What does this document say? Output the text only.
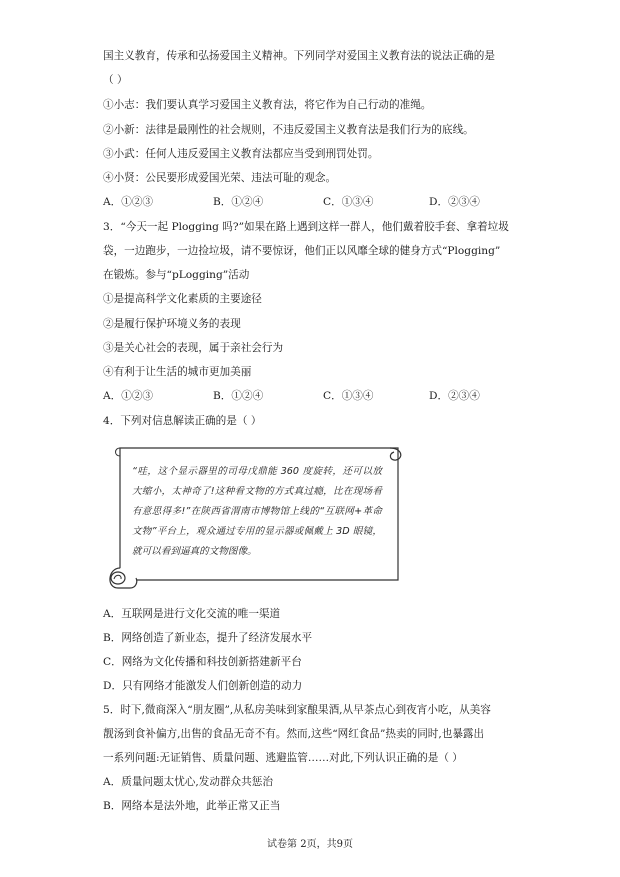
国主义教育，传承和弘扬爱国主义精神。下列同学对爱国主义教育法的说法正确的是
（ ）
①小志：我们要认真学习爱国主义教育法，将它作为自己行动的准绳。
②小新：法律是最刚性的社会规则，不违反爱国主义教育法是我们行为的底线。
③小武：任何人违反爱国主义教育法都应当受到刑罚处罚。
④小贤：公民要形成爱国光荣、违法可耻的观念。
A．①②③	B．①②④	C．①③④	D．②③④
3．“今天一起 Plogging 吗?”如果在路上遇到这样一群人，他们戴着胶手套、拿着垃圾
袋，一边跑步，一边捡垃圾，请不要惊讶，他们正以风靡全球的健身方式“Plogging”
在锻炼。参与“pLogging”活动
①是提高科学文化素质的主要途径
②是履行保护环境义务的表现
③是关心社会的表现，属于亲社会行为
④有利于让生活的城市更加美丽
A．①②③	B．①②④	C．①③④	D．②③④
4．下列对信息解读正确的是（ ）
“哇，这个显示器里的司母戊鼎能 360 度旋转，还可以放大缩小，太神奇了!这种看文物的方式真过瘾，比在现场看有意思得多!”在陕西省渭南市博物馆上线的“互联网+革命文物”平台上，观众通过专用的显示器或佩戴上 3D 眼镜，就可以看到逼真的文物图像。
A．互联网是进行文化交流的唯一渠道
B．网络创造了新业态，提升了经济发展水平
C．网络为文化传播和科技创新搭建新平台
D．只有网络才能激发人们创新创造的动力
5．时下,微商深入“朋友圈”,从私房美味到家酿果酒,从早茶点心到夜宵小吃，从美容
靓汤到食补偏方,出售的食品无奇不有。然而,这些“网红食品”热卖的同时,也暴露出
一系列问题:无证销售、质量问题、逃避监管……对此,下列认识正确的是（ ）
A．质量问题太忧心,发动群众共惩治
B．网络本是法外地，此举正常又正当
试卷第 2页，共9页
